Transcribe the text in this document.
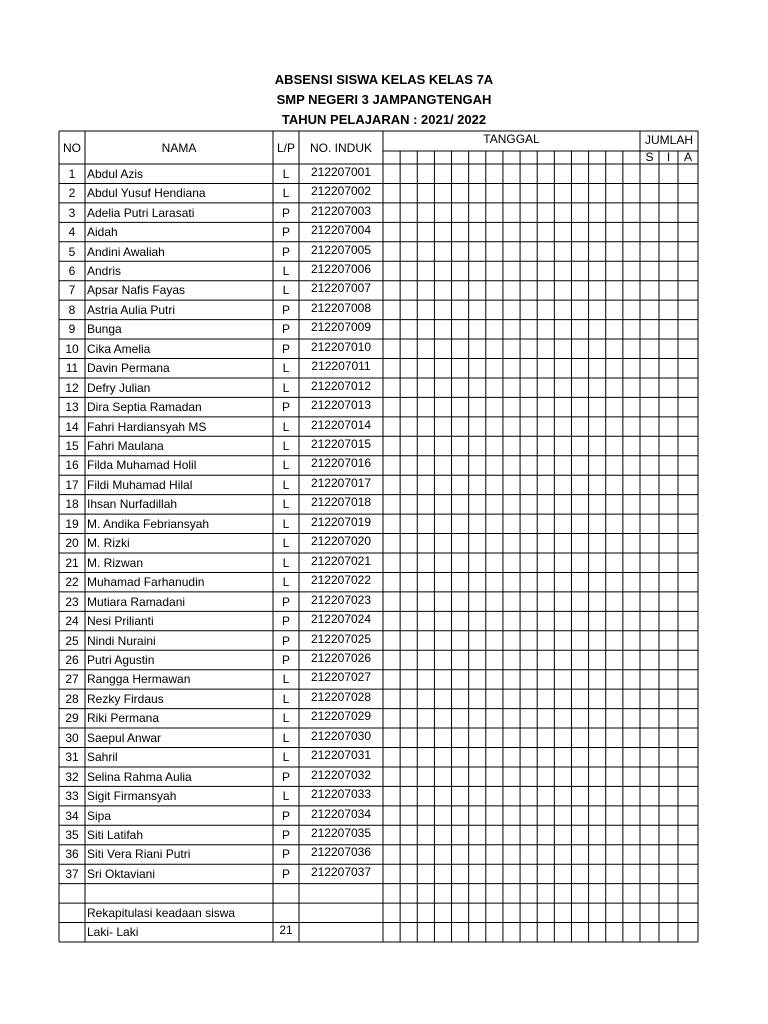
ABSENSI SISWA KELAS KELAS 7A
SMP NEGERI 3 JAMPANGTENGAH
TAHUN PELAJARAN : 2021/ 2022
NO	NAMA	L/P	NO. INDUK
TANGGAL	JUMLAH
S	I	A
1 Abdul Azis	L	212207001
2 Abdul Yusuf Hendiana	L	212207002
3 Adelia Putri Larasati	P	212207003
4 Aidah	P	212207004
5 Andini Awaliah	P	212207005
6 Andris	L	212207006
7 Apsar Nafis Fayas	L	212207007
8 Astria Aulia Putri	P	212207008
9 Bunga	P	212207009
10 Cika Amelia	P	212207010
11 Davin Permana	L	212207011
12 Defry Julian	L	212207012
13 Dira Septia Ramadan	P	212207013
14 Fahri Hardiansyah MS	L	212207014
15 Fahri Maulana	L	212207015
16 Filda Muhamad Holil	L	212207016
17 Fildi Muhamad Hilal	L	212207017
18 Ihsan Nurfadillah	L	212207018
19 M. Andika Febriansyah	L	212207019
20 M. Rizki	L	212207020
21 M. Rizwan	L	212207021
22 Muhamad Farhanudin	L	212207022
23 Mutiara Ramadani	P	212207023
24 Nesi Prilianti	P	212207024
25 Nindi Nuraini	P	212207025
26 Putri Agustin	P	212207026
27 Rangga Hermawan	L	212207027
28 Rezky Firdaus	L	212207028
29 Riki Permana	L	212207029
30 Saepul Anwar	L	212207030
31 Sahril	L	212207031
32 Selina Rahma Aulia	P	212207032
33 Sigit Firmansyah	L	212207033
34 Sipa	P	212207034
35 Siti Latifah	P	212207035
36 Siti Vera Riani Putri	P	212207036
37 Sri Oktaviani	P	212207037
Rekapitulasi keadaan siswa
Laki- Laki	21
